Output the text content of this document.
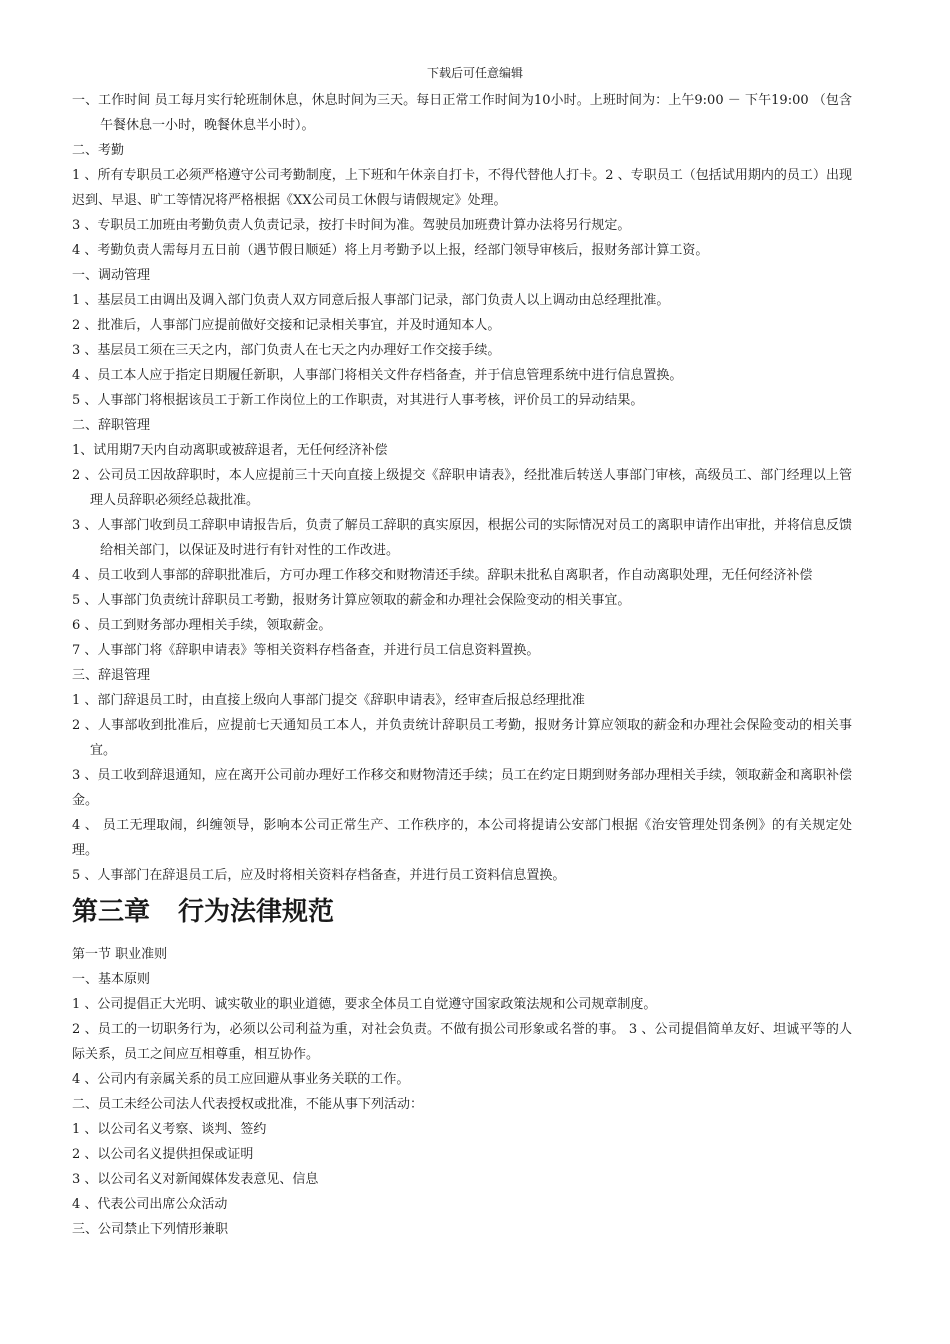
下载后可任意编辑
一、工作时间 员工每月实行轮班制休息，休息时间为三天。每日正常工作时间为10小时。上班时间为：上午9:00 － 下午19:00 （包含午餐休息一小时，晚餐休息半小时）。
二、考勤
1 、所有专职员工必须严格遵守公司考勤制度，上下班和午休亲自打卡，不得代替他人打卡。2 、专职员工（包括试用期内的员工）出现迟到、早退、旷工等情况将严格根据《XX公司员工休假与请假规定》处理。
3 、专职员工加班由考勤负责人负责记录，按打卡时间为准。驾驶员加班费计算办法将另行规定。
4 、考勤负责人需每月五日前（遇节假日顺延）将上月考勤予以上报，经部门领导审核后，报财务部计算工资。
一、调动管理
1 、基层员工由调出及调入部门负责人双方同意后报人事部门记录，部门负责人以上调动由总经理批准。
2 、批准后，人事部门应提前做好交接和记录相关事宜，并及时通知本人。
3 、基层员工须在三天之内，部门负责人在七天之内办理好工作交接手续。
4 、员工本人应于指定日期履任新职，人事部门将相关文件存档备查，并于信息管理系统中进行信息置换。
5 、人事部门将根据该员工于新工作岗位上的工作职责，对其进行人事考核，评价员工的异动结果。
二、辞职管理
1、试用期7天内自动离职或被辞退者，无任何经济补偿
2 、公司员工因故辞职时，本人应提前三十天向直接上级提交《辞职申请表》，经批准后转送人事部门审核，高级员工、部门经理以上管理人员辞职必须经总裁批准。
3 、人事部门收到员工辞职申请报告后，负责了解员工辞职的真实原因，根据公司的实际情况对员工的离职申请作出审批，并将信息反馈给相关部门，以保证及时进行有针对性的工作改进。
4 、员工收到人事部的辞职批准后，方可办理工作移交和财物清还手续。辞职未批私自离职者，作自动离职处理，无任何经济补偿
5 、人事部门负责统计辞职员工考勤，报财务计算应领取的薪金和办理社会保险变动的相关事宜。
6 、员工到财务部办理相关手续，领取薪金。
7 、人事部门将《辞职申请表》等相关资料存档备查，并进行员工信息资料置换。
三、辞退管理
1 、部门辞退员工时，由直接上级向人事部门提交《辞职申请表》，经审查后报总经理批准
2 、人事部收到批准后，应提前七天通知员工本人，并负责统计辞职员工考勤，报财务计算应领取的薪金和办理社会保险变动的相关事宜。
3 、员工收到辞退通知，应在离开公司前办理好工作移交和财物清还手续；员工在约定日期到财务部办理相关手续，领取薪金和离职补偿金。
4 、 员工无理取闹，纠缠领导，影响本公司正常生产、工作秩序的，本公司将提请公安部门根据《治安管理处罚条例》的有关规定处理。
5 、人事部门在辞退员工后，应及时将相关资料存档备查，并进行员工资料信息置换。
第三章 行为法律规范
第一节 职业准则
一、基本原则
1 、公司提倡正大光明、诚实敬业的职业道德，要求全体员工自觉遵守国家政策法规和公司规章制度。
2 、员工的一切职务行为，必须以公司利益为重，对社会负责。不做有损公司形象或名誉的事。 3 、公司提倡简单友好、坦诚平等的人际关系，员工之间应互相尊重，相互协作。
4 、公司内有亲属关系的员工应回避从事业务关联的工作。
二、员工未经公司法人代表授权或批准，不能从事下列活动：
1 、以公司名义考察、谈判、签约
2 、以公司名义提供担保或证明
3 、以公司名义对新闻媒体发表意见、信息
4 、代表公司出席公众活动
三、公司禁止下列情形兼职
